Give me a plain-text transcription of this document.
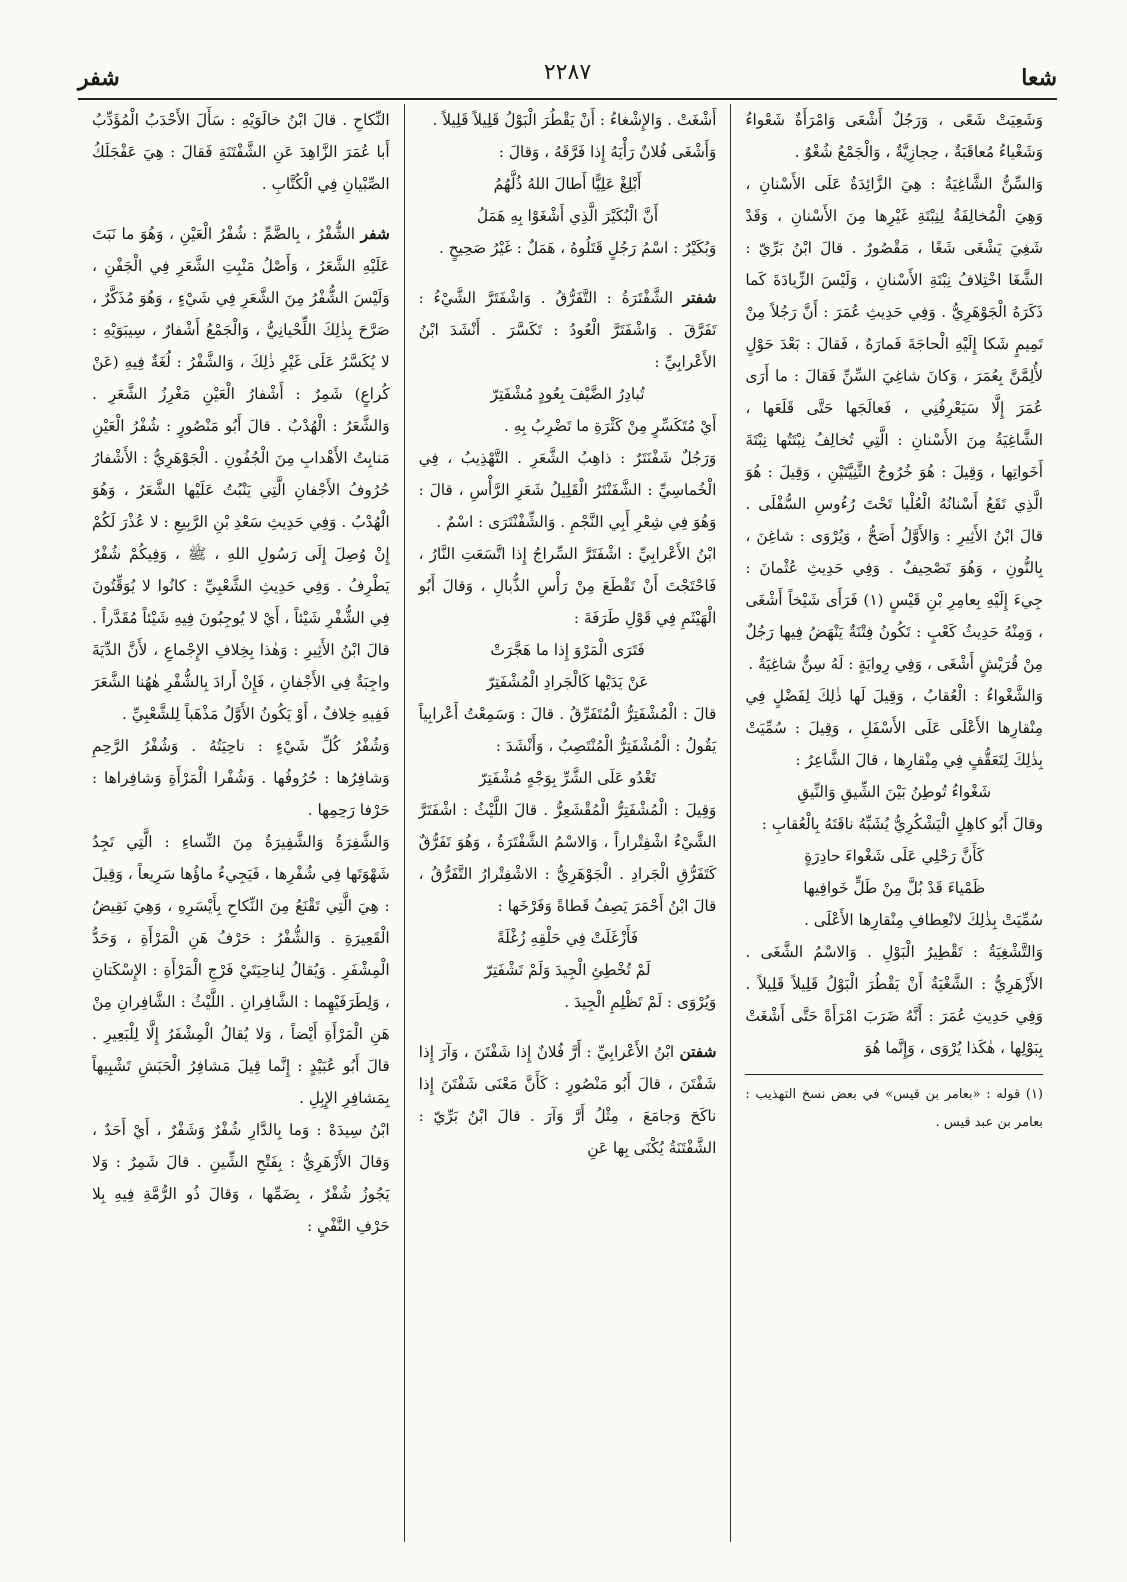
شعا
٢٢٨٧
شفر

وَشَعِيَتْ شَعًى ، وَرَجُلٌ أَشْعَى وَامْرَأَةٌ شَعْواءُ وَشَغْياءُ مُعاقَبَةٌ ، حِجازِيَّةٌ ، وَالْجَمْعُ شُغْوٌ .

وَالسِّنُّ الشَّاغِيَةُ : هِيَ الزَّائِدَةُ عَلَى الأَسْنانِ ، وَهِيَ الْمُخالِفَةُ لِنِبْتَةِ غَيْرِها مِنَ الأَسْنانِ ، وَقَدْ شَغِيَ يَشْغَى شَغًا ، مَقْصُورٌ . قالَ ابْنُ بَرِّيّ : الشَّغَا اخْتِلافُ نِبْتَةِ الأَسْنانِ ، وَلَيْسَ الزِّيادَةَ كَما ذَكَرَهُ الْجَوْهَرِيُّ . وَفِي حَدِيثِ عُمَرَ : أَنَّ رَجُلاً مِنْ تَمِيمٍ شَكا إِلَيْهِ الْحاجَةَ فَمارَهُ ، فَقالَ : بَعْدَ حَوْلٍ لأُلِمَّنَّ بِعُمَرَ ، وَكانَ شاغِيَ السِّنِّ فَقالَ : ما أَرَى عُمَرَ إِلَّا سَيَعْرِفُنِي ، فَعالَجَها حَتَّى قَلَعَها ، الشَّاغِيَةُ مِنَ الأَسْنانِ : الَّتِي تُخالِفُ نِبْتَتُها نِبْتَةَ أَخَواتِها ، وَقِيلَ : هُوَ خُرُوجُ الثَّنِيَّتَيْنِ ، وَقِيلَ : هُوَ الَّذِي تَقَعُ أَسْنانُهُ الْعُلْيا تَحْتَ رُءُوسِ السُّفْلَى . قالَ ابْنُ الأَثِيرِ : وَالأَوَّلُ أَصَحُّ ، وَيُرْوَى : شاغِنَ ، بِالنُّونِ ، وَهُوَ تَصْحِيفٌ . وَفِي حَدِيثِ عُثْمانَ : جِيءَ إِلَيْهِ بِعامِرِ بْنِ قَيْسٍ (١) فَرَأَى شَيْخاً أَشْغَى ، وَمِنْهُ حَدِيثُ كَعْبٍ : تَكُونُ فِتْنَةٌ يَنْهَضُ فِيها رَجُلٌ مِنْ قُرَيْشٍ أَشْغَى ، وَفِي رِوايَةٍ : لَهُ سِنٌّ شاغِيَةٌ .

وَالشَّغْواءُ : الْعُقابُ ، وَقِيلَ لَها ذٰلِكَ لِفَضْلٍ فِي مِنْقارِها الأَعْلَى عَلَى الأَسْفَلِ ، وَقِيلَ : سُمِّيَتْ بِذٰلِكَ لِتَعَقُّفٍ فِي مِنْقارِها ، قالَ الشَّاعِرُ :

شَغْواءُ تُوطِنُ بَيْنَ الشِّيقِ وَالنِّيقِ

وقالَ أَبُو كاهِلٍ الْيَشْكُرِيُّ يُشَبِّهُ ناقَتَهُ بِالْعُقابِ :

كَأَنَّ رَحْلِي عَلَى شَغْواءَ حادِرَةٍ

ظَمْياءَ قَدْ بُلَّ مِنْ طَلٍّ خَوافِيها

سُمِّيَتْ بِذٰلِكَ لانْعِطافِ مِنْقارِها الأَعْلَى .

وَالتَّشْغِيَةُ : تَقْطِيرُ الْبَوْلِ . وَالاسْمُ الشَّغَى . الأَزْهَرِيُّ : الشَّغْيَةُ أَنْ يَقْطُرَ الْبَوْلُ قَلِيلاً قَلِيلاً . وَفِي حَدِيثِ عُمَرَ : أَنَّهُ ضَرَبَ امْرَأَةً حَتَّى أَشْغَتْ بِبَوْلِها ، هٰكَذا يُرْوَى ، وَإِنَّما هُوَ

(١) قوله : «بعامر بن قيس» في بعض نسخ التهذيب : بعامر بن عبد قيس .

أَشْغَتْ . وَالإِشْغاءُ : أَنْ يَقْطُرَ الْبَوْلُ قَلِيلاً قَلِيلاً .

وَأَشْغَى فُلانٌ رَأْيَهُ إِذا فَرَّقَهُ ، وَقالَ :

أَبْلِغْ عَلِيًّا أَطالَ اللهُ ذُلَّهُمُ

أَنَّ الْبُكَيْرَ الَّذِي أَشْغَوْا بِهِ هَمَلُ

وَبُكَيْرٌ : اسْمُ رَجُلٍ قَتَلُوهُ ، هَمَلٌ : غَيْرُ صَحِيحٍ .

شفتر الشَّفْتَرَةُ : التَّفَرُّقُ . وَاشْفَتَرَّ الشَّيْءُ : تَفَرَّقَ . وَاشْفَتَرَّ الْعُودُ : تَكَسَّرَ . أَنْشَدَ ابْنُ الأَعْرابِيِّ :

تُبادِرُ الضَّيْفَ بِعُودٍ مُشْفَتِرّ

أَيْ مُتَكَسِّرٍ مِنْ كَثْرَةِ ما تَضْرِبُ بِهِ .

وَرَجُلٌ شَفْنَتَرٌ : ذاهِبُ الشَّعَرِ . التَّهْذِيبُ ، فِي الْخُماسِيِّ : الشَّفَنْتَرُ الْقَلِيلُ شَعَرِ الرَّأْسِ ، قالَ : وَهُوَ فِي شِعْرِ أَبِي النَّجْمِ . وَالشِّفْنْتَرَى : اسْمٌ .

ابْنُ الأَعْرابِيِّ : اشْفَتَرَّ السِّراجُ إِذا اتَّسَعَتِ النَّارُ ، فَاحْتَجْتَ أَنْ تَقْطَعَ مِنْ رَأْسِ الذُّبالِ ، وَقالَ أَبُو الْهَيْثَمِ فِي قَوْلِ طَرَفَةَ :

فَتَرَى الْمَرْوَ إِذا ما هَجَّرَتْ

عَنْ يَدَيْها كَالْجَرادِ الْمُشْفَتِرّ

قالَ : الْمُشْفَتِرُّ الْمُتَفَرِّقُ . قالَ : وَسَمِعْتُ أَعْرابِياً يَقُولُ : الْمُشْفَتِرُّ الْمُنْتَصِبُ ، وَأَنْشَدَ :

تَغْدُو عَلَى الشَّرِّ بِوَجْهٍ مُشْفَتِرّ

وَقِيلَ : الْمُشْفَتِرُّ الْمُقْشَعِرُّ . قالَ اللَّيْثُ : اشْفَتَرَّ الشَّيْءُ اشْفِتْراراً ، وَالاسْمُ الشَّفْتَرَةُ ، وَهُوَ تَفَرُّقٌ كَتَفَرُّقِ الْجَرادِ . الْجَوْهَرِيُّ : الاشْفِتْرارُ التَّفَرُّقُ ، قالَ ابْنُ أَحْمَرَ يَصِفُ قَطاةً وَفَرْخَها :

فَأَزْغَلَتْ فِي حَلْقِهِ زُغْلَةً

لَمْ تُخْطِئِ الْجِيدَ وَلَمْ تَشْفَتِرّ

وَيُرْوَى : لَمْ تَظْلِمِ الْجِيدَ .

شفتن ابْنُ الأَعْرابِيِّ : أَرَّ فُلانٌ إِذا شَفْتَنَ ، وَآرَ إِذا شَفْتَنَ ، قالَ أَبُو مَنْصُورٍ : كَأَنَّ مَعْنَى شَفْتَنَ إِذا ناكَحَ وَجامَعَ ، مِثْلُ أَرَّ وَآرَ . قالَ ابْنُ بَرِّيّ : الشَّفْتَنَةُ يُكْنَى بِها عَنِ

النِّكاحِ . قالَ ابْنُ خالَوَيْهِ : سَأَلَ الأَحْدَبُ الْمُؤَدِّبُ أَبا عُمَرَ الزَّاهِدَ عَنِ الشَّفْتَنَةِ فَقالَ : هِيَ عَفْجَلَكُ الصِّبْيانِ فِي الْكُتَّابِ .

شفر الشُّفْرُ ، بِالضَّمِّ : شُفْرُ الْعَيْنِ ، وَهُوَ ما نَبَتَ عَلَيْهِ الشَّعَرُ ، وَأَصْلُ مَنْبِتِ الشَّعَرِ فِي الْجَفْنِ ، وَلَيْسَ الشُّفْرُ مِنَ الشَّعَرِ فِي شَيْءٍ ، وَهُوَ مُذَكَّرٌ ، صَرَّحَ بِذٰلِكَ اللِّحْيانِيُّ ، وَالْجَمْعُ أَشْفارٌ ، سِيبَوَيْهِ : لا يُكَسَّرُ عَلَى غَيْرِ ذٰلِكَ ، وَالشَّفْرُ : لُغَةٌ فِيهِ (عَنْ كُراعٍ) شَمِرٌ : أَشْفارُ الْعَيْنِ مَغْرِزُ الشَّعَرِ . وَالشَّعَرُ : الْهُدْبُ . قالَ أَبُو مَنْصُورٍ : شُفْرُ الْعَيْنِ مَنابِتُ الأَهْدابِ مِنَ الْجُفُونِ . الْجَوْهَرِيُّ : الأَشْفارُ حُرُوفُ الأَجْفانِ الَّتِي يَنْبُتُ عَلَيْها الشَّعَرُ ، وَهُوَ الْهُدْبُ . وَفِي حَدِيثِ سَعْدِ بْنِ الرَّبِيعِ : لا عُذْرَ لَكُمْ إِنْ وُصِلَ إِلَى رَسُولِ اللهِ ، ﷺ ، وَفِيكُمْ شُفْرٌ يَطْرِفُ . وَفِي حَدِيثِ الشَّعْبِيِّ : كانُوا لا يُوَقِّتُونَ فِي الشُّفْرِ شَيْئاً ، أَيْ لا يُوجِبُونَ فِيهِ شَيْئاً مُقَدَّراً . قالَ ابْنُ الأَثِيرِ : وَهٰذا بِخِلافِ الإِجْماعِ ، لأَنَّ الدِّيَةَ واجِبَةٌ فِي الأَجْفانِ ، فَإِنْ أَرادَ بِالشُّفْرِ هٰهُنا الشَّعَرَ فَفِيهِ خِلافٌ ، أَوْ يَكُونُ الأَوَّلُ مَذْهَباً لِلشَّعْبِيِّ .

وَشُفْرُ كُلِّ شَيْءٍ : ناحِيَتُهُ . وَشُفْرُ الرَّحِمِ وَشافِرُها : حُرُوفُها . وَشُفْرا الْمَرْأَةِ وَشافِراها : حَرْفا رَحِمِها .

وَالشَّفِرَةُ وَالشَّفِيرَةُ مِنَ النِّساءِ : الَّتِي تَجِدُ شَهْوَتَها فِي شُفْرِها ، فَيَجِيءُ ماؤُها سَرِيعاً ، وَقِيلَ : هِيَ الَّتِي تَقْنَعُ مِنَ النِّكاحِ بِأَيْسَرِهِ ، وَهِيَ نَقِيضُ الْقَعِيرَةِ . وَالشُّفْرُ : حَرْفُ هَنِ الْمَرْأَةِ ، وَحَدُّ الْمِشْفَرِ . وَيُقالُ لِناحِيَتَيْ فَرْجِ الْمَرْأَةِ : الإِسْكَتانِ ، وَلِطَرَفَيْهِما : الشَّافِرانِ . اللَّيْثُ : الشَّافِرانِ مِنْ هَنِ الْمَرْأَةِ أَيْضاً ، وَلا يُقالُ الْمِشْفَرُ إِلَّا لِلْبَعِيرِ . قالَ أَبُو عُبَيْدٍ : إِنَّما قِيلَ مَشافِرُ الْحَبَشِ تَشْبِيهاً بِمَشافِرِ الإِبِلِ .

ابْنُ سِيدَهْ : وَما بِالدَّارِ شُفْرٌ وَشَفْرٌ ، أَيْ أَحَدٌ ، وَقالَ الأَزْهَرِيُّ : بِفَتْحِ الشِّينِ . قالَ شَمِرٌ : وَلا يَجُوزُ شُفْرٌ ، بِضَمِّها ، وَقالَ ذُو الرُّمَّةِ فِيهِ بِلا حَرْفِ النَّفْيِ :
